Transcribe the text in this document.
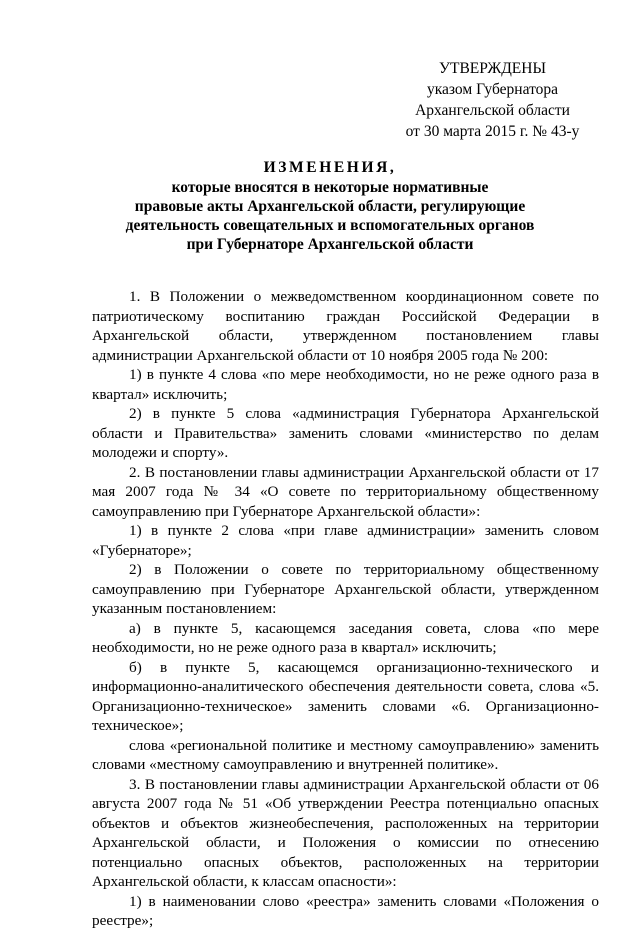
УТВЕРЖДЕНЫ
указом Губернатора
Архангельской области
от 30 марта 2015 г. № 43-у
ИЗМЕНЕНИЯ,
которые вносятся в некоторые нормативные
правовые акты Архангельской области, регулирующие
деятельность совещательных и вспомогательных органов
при Губернаторе Архангельской области

1. В Положении о межведомственном координационном совете по патриотическому воспитанию граждан Российской Федерации в Архангельской области, утвержденном постановлением главы администрации Архангельской области от 10 ноября 2005 года № 200:

1) в пункте 4 слова «по мере необходимости, но не реже одного раза в квартал» исключить;

2) в пункте 5 слова «администрация Губернатора Архангельской области и Правительства» заменить словами «министерство по делам молодежи и спорту».

2. В постановлении главы администрации Архангельской области от 17 мая 2007 года № 34 «О совете по территориальному общественному самоуправлению при Губернаторе Архангельской области»:

1) в пункте 2 слова «при главе администрации» заменить словом «Губернаторе»;

2) в Положении о совете по территориальному общественному самоуправлению при Губернаторе Архангельской области, утвержденном указанным постановлением:

а) в пункте 5, касающемся заседания совета, слова «по мере необходимости, но не реже одного раза в квартал» исключить;

б) в пункте 5, касающемся организационно-технического и информационно-аналитического обеспечения деятельности совета, слова «5. Организационно-техническое» заменить словами «6. Организационно-техническое»;

слова «региональной политике и местному самоуправлению» заменить словами «местному самоуправлению и внутренней политике».

3. В постановлении главы администрации Архангельской области от 06 августа 2007 года № 51 «Об утверждении Реестра потенциально опасных объектов и объектов жизнеобеспечения, расположенных на территории Архангельской области, и Положения о комиссии по отнесению потенциально опасных объектов, расположенных на территории Архангельской области, к классам опасности»:

1) в наименовании слово «реестра» заменить словами «Положения о реестре»;
